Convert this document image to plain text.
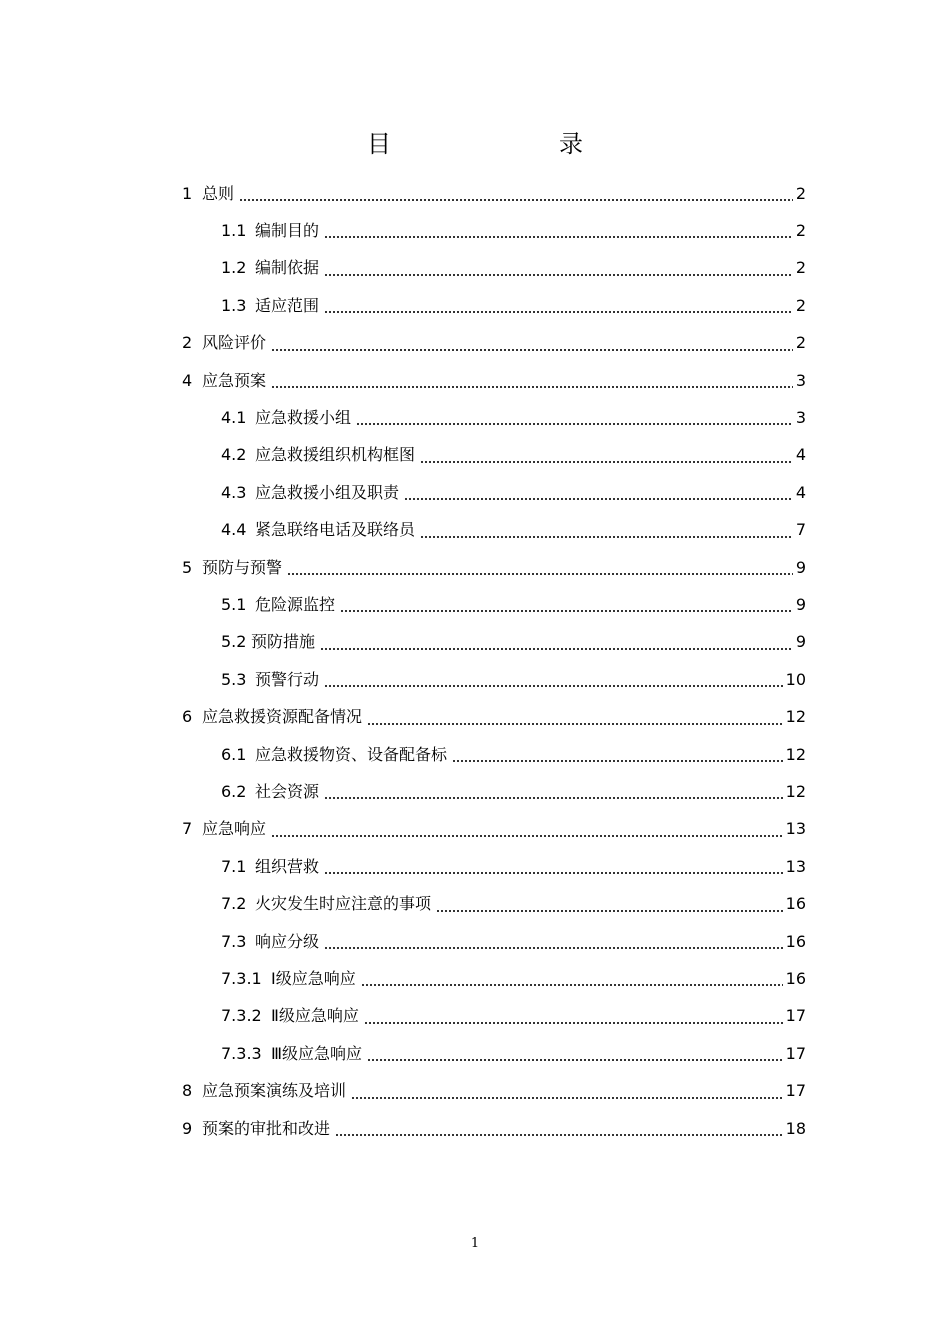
目　　录
1 总则	2
1.1 编制目的	2
1.2 编制依据	2
1.3 适应范围	2
2 风险评价	2
4 应急预案	3
4.1 应急救援小组	3
4.2 应急救援组织机构框图	4
4.3 应急救援小组及职责	4
4.4 紧急联络电话及联络员	7
5 预防与预警	9
5.1 危险源监控	9
5.2 预防措施	9
5.3 预警行动	10
6 应急救援资源配备情况	12
6.1 应急救援物资、设备配备标	12
6.2 社会资源	12
7 应急响应	13
7.1 组织营救	13
7.2 火灾发生时应注意的事项	16
7.3 响应分级	16
7.3.1 Ⅰ级应急响应	16
7.3.2 Ⅱ级应急响应	17
7.3.3 Ⅲ级应急响应	17
8 应急预案演练及培训	17
9 预案的审批和改进	18
1
